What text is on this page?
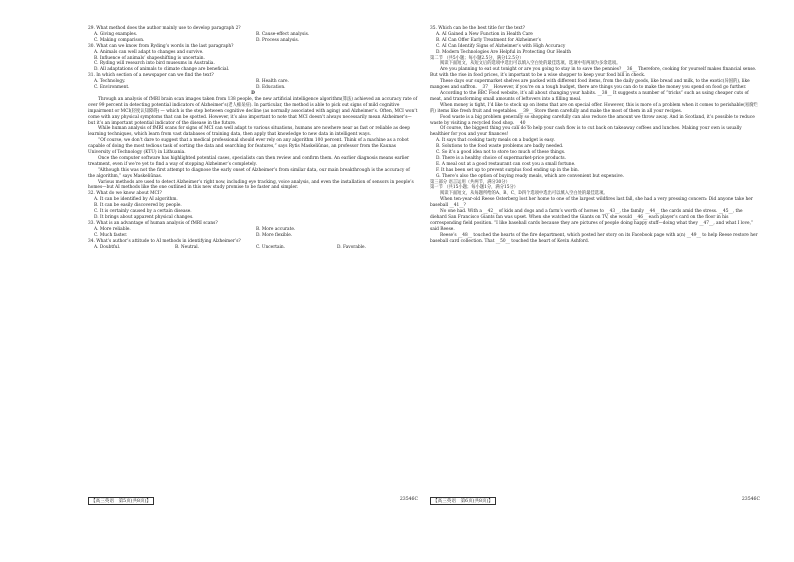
29. What method does the author mainly use to develop paragraph 2?

A. Giving examples.	B. Cause-effect analysis.
C. Making comparison.	D. Process analysis.

30. What can we know from Ryding’s words in the last paragraph?

A. Animals can well adapt to changes and survive.

B. Influence of animals’ shapeshifting is uncertain.

C. Ryding will research into bird museums in Australia.

D. All adaptations of animals to climate change are beneficial.

31. In which section of a newspaper can we find the text?

A. Technology.	B. Health care.
C. Environment.	D. Education.

D

Through an analysis of fMRI brain scan images taken from 138 people, the new artificial intelligence algorithm(算法) achieved an accuracy rate of over 99 percent in detecting potential indicators of Alzheimer’s(老人痴呆症). In particular, the method is able to pick out signs of mild cognitive impairment or MCI(轻度认知障碍) — which is the step between cognitive decline (as normally associated with aging) and Alzheimer’s. Often, MCI won’t come with any physical symptoms that can be spotted. However, it’s also important to note that MCI doesn’t always necessarily mean Alzheimer’s—but it’s an important potential indicator of the disease in the future.

While human analysis of fMRI scans for signs of MCI can well adapt to various situations, humans are nowhere near as fast or reliable as deep learning techniques, which learn from vast databases of training data, then apply that knowledge to new data in intelligent ways.

“Of course, we don’t dare to suggest that a medical professional should ever rely on any algorithm 100 percent. Think of a machine as a robot capable of doing the most tedious task of sorting the data and searching for features,” says Rytis Maskeliūnas, an professor from the Kaunas University of Technology (KTU) in Lithuania.

Once the computer software has highlighted potential cases, specialists can then review and confirm them. An earlier diagnosis means earlier treatment, even if we’re yet to find a way of stopping Alzheimer’s completely.

“Although this was not the first attempt to diagnose the early onset of Alzheimer’s from similar data, our main breakthrough is the accuracy of the algorithm,” says Maskeliūnas.

Various methods are used to detect Alzheimer’s right now, including eye tracking, voice analysis, and even the installation of sensors in people’s homes—but AI methods like the one outlined in this new study promise to be faster and simpler.

32. What do we know about MCI?

A. It can be identified by AI algorithm.

B. It can be easily discovered by people.

C. It is certainly caused by a certain disease.

D. It brings about apparent physical changes.

33. What is an advantage of human analysis of fMRI scans?

A. More reliable.	B. More accurate.
C. Much faster.	D. More flexible.

34. What’s author’s attitude to AI methods in identifying Alzheimer’s?

A. Doubtful.	B. Neutral.	C. Uncertain.	D. Favorable.

35. Which can be the best title for the text?

A. AI Gained a New Function in Health Care

B. AI Can Offer Early Treatment for Alzheimer’s

C. AI Can Identify Signs of Alzheimer’s with High Accuracy

D. Modern Technologies Are Helpful in Protecting Our Health

第二节 （共5小题；每小题2.5分，满分12.5分）

阅读下面短文，从短文后的选项中选出可以填入空白处的最佳选项。选项中有两项为多余选项。

Are you planning to eat out tonight or are you going to stay in to save the pennies? __36__ Therefore, cooking for yourself makes financial sense. But with the rise in food prices, it’s important to be a wise shopper to keep your food bill in check.

These days our supermarket shelves are packed with different food items, from the daily goods, like bread and milk, to the exotic(异国的), like mangoes and saffron. __37__ However, if you’re on a tough budget, there are things you can do to make the money you spend on food go further.

According to the BBC Food website, it’s all about changing your habits. __38__ It suggests a number of “tricks” such as using cheaper cuts of meat, and transforming small amounts of leftovers into a filling meal.

When money is tight, I’d like to stock up on items that are on special offer. However, this is more of a problem when it comes to perishable(易腐烂的) items like fresh fruit and vegetables. __39__ Store them carefully and make the most of them in all your recipes.

Food waste is a big problem generally so shopping carefully can also reduce the amount we throw away. And in Scotland, it’s possible to reduce waste by visiting a recycled food shop. __40__

Of course, the biggest thing you can do to help your cash flow is to cut back on takeaway coffees and lunches. Making your own is usually healthier for you and your finances!

A. It says that cooking tasty meals on a budget is easy.

B. Solutions to the food waste problems are badly needed.

C. So it’s a good idea not to store too much of these things.

D. There is a healthy choice of supermarket-price products.

E. A meal out at a good restaurant can cost you a small fortune.

F. It has been set up to prevent surplus food ending up in the bin.

G. There’s also the option of buying ready meals, which are convenient but expensive.

第三部分 语言运用（共两节，满分30分）

第一节 （共15小题；每小题1分，满分15分）

阅读下面短文，从每题所给的A、B、C、D四个选项中选出可以填入空白处的最佳选项。

When ten-year-old Reese Osterberg lost her home to one of the largest wildfires last fall, she had a very pressing concern: Did anyone take her baseball __41__?

No one had. With a __42__ of kids and dogs and a farm’s worth of horses to __43__, the family __44__ the cards amid the stress. __45__, the diehard San Francisco Giants fan was upset. When she watched the Giants on TV, she would __46__ each player’s card on the floor in his corresponding field position. “I like baseball cards because they are pictures of people doing happy stuff—doing what they __47__, and what I love,” said Reese.

Reese’s __48__ touched the hearts of the fire department, which posted her story on its Facebook page with a(n) __49__ to help Reese restore her baseball card collection. That __50__ touched the heart of Kevin Ashford.

【高三英语　第5页(共8页)】	23546C	【高三英语　第6页(共8页)】	23546C
